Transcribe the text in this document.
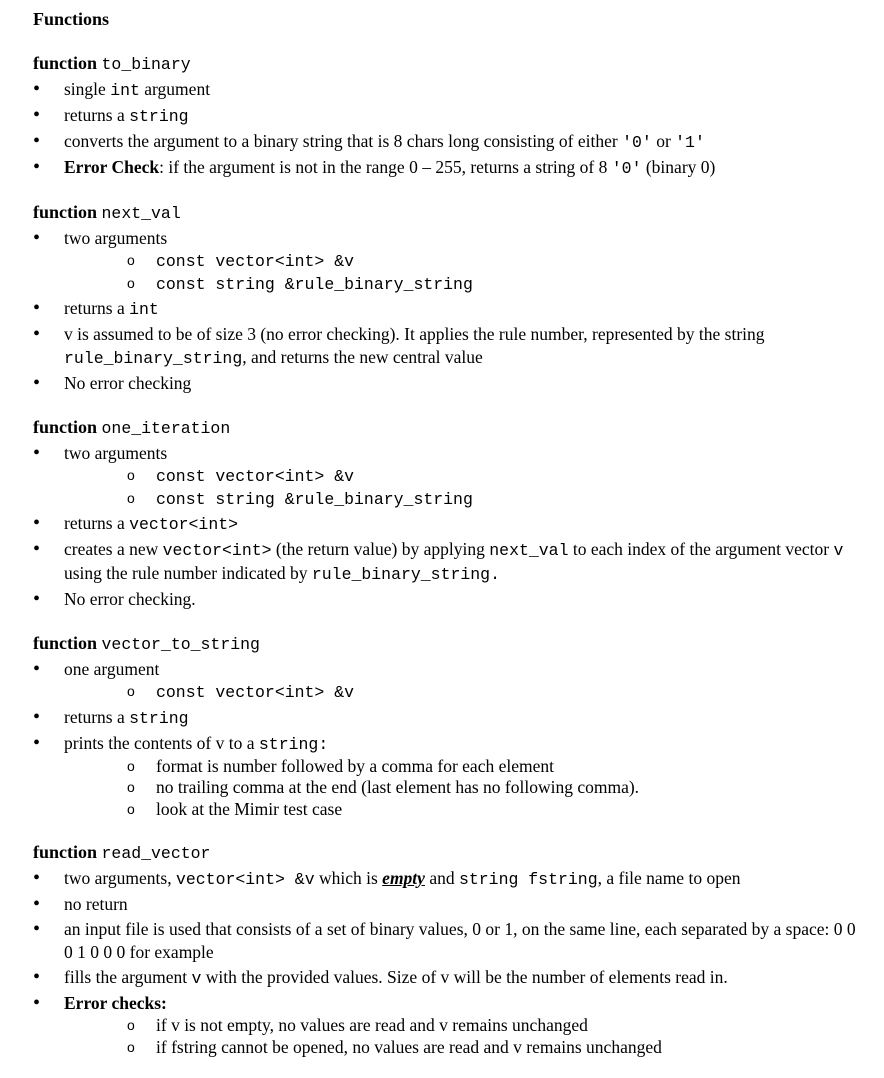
Functions
function to_binary
• single int argument
• returns a string
• converts the argument to a binary string that is 8 chars long consisting of either '0' or '1'
• Error Check: if the argument is not in the range 0 – 255, returns a string of 8 '0' (binary 0)
function next_val
• two arguments
o const vector<int> &v
o const string &rule_binary_string
• returns a int
• v is assumed to be of size 3 (no error checking). It applies the rule number, represented by the string rule_binary_string, and returns the new central value
• No error checking
function one_iteration
• two arguments
o const vector<int> &v
o const string &rule_binary_string
• returns a vector<int>
• creates a new vector<int> (the return value) by applying next_val to each index of the argument vector v using the rule number indicated by rule_binary_string.
• No error checking.
function vector_to_string
• one argument
o const vector<int> &v
• returns a string
• prints the contents of v to a string:
o format is number followed by a comma for each element
o no trailing comma at the end (last element has no following comma).
o look at the Mimir test case
function read_vector
• two arguments, vector<int> &v which is empty and string fstring, a file name to open
• no return
• an input file is used that consists of a set of binary values, 0 or 1, on the same line, each separated by a space: 0 0 0 1 0 0 0 for example
• fills the argument v with the provided values. Size of v will be the number of elements read in.
• Error checks:
o if v is not empty, no values are read and v remains unchanged
o if fstring cannot be opened, no values are read and v remains unchanged
